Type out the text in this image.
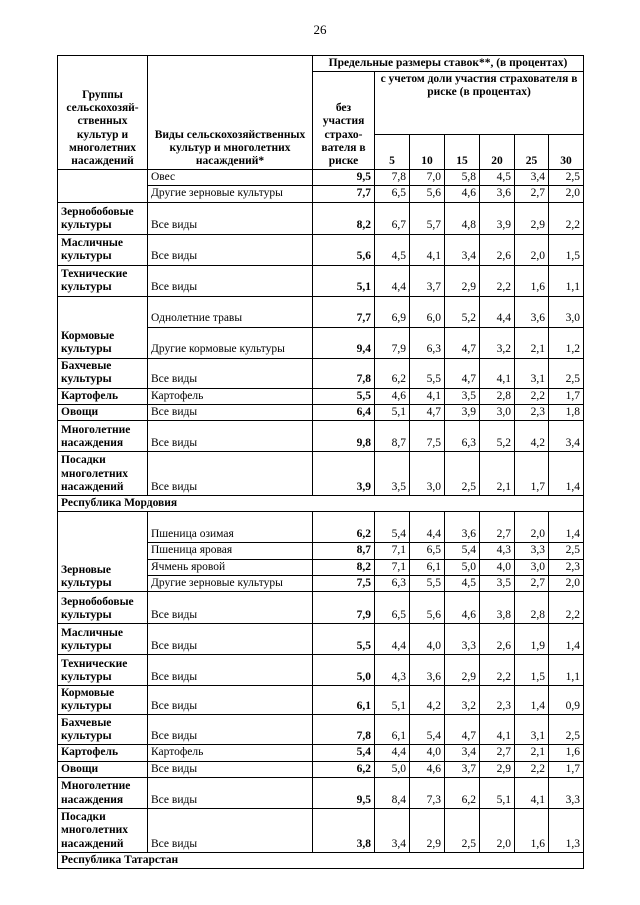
26
Группы сельскохозяй-ственных культур и многолетних насаждений	Виды сельскохозяйственных культур и многолетних насаждений*	Предельные размеры ставок**, (в процентах)						
		без участия страхо-вателя в риске	с учетом доли участия страхователя в риске (в процентах)					
			5	10	15	20	25	30
	Овес	9,5	7,8	7,0	5,8	4,5	3,4	2,5
	Другие зерновые культуры	7,7	6,5	5,6	4,6	3,6	2,7	2,0
Зернобобовые культуры	Все виды	8,2	6,7	5,7	4,8	3,9	2,9	2,2
Масличные культуры	Все виды	5,6	4,5	4,1	3,4	2,6	2,0	1,5
Технические культуры	Все виды	5,1	4,4	3,7	2,9	2,2	1,6	1,1
Кормовые культуры	Однолетние травы	7,7	6,9	6,0	5,2	4,4	3,6	3,0
	Другие кормовые культуры	9,4	7,9	6,3	4,7	3,2	2,1	1,2
Бахчевые культуры	Все виды	7,8	6,2	5,5	4,7	4,1	3,1	2,5
Картофель	Картофель	5,5	4,6	4,1	3,5	2,8	2,2	1,7
Овощи	Все виды	6,4	5,1	4,7	3,9	3,0	2,3	1,8
Многолетние насаждения	Все виды	9,8	8,7	7,5	6,3	5,2	4,2	3,4
Посадки многолетних насаждений	Все виды	3,9	3,5	3,0	2,5	2,1	1,7	1,4
Республика Мордовия								
Зерновые культуры	Пшеница озимая	6,2	5,4	4,4	3,6	2,7	2,0	1,4
	Пшеница яровая	8,7	7,1	6,5	5,4	4,3	3,3	2,5
	Ячмень яровой	8,2	7,1	6,1	5,0	4,0	3,0	2,3
	Другие зерновые культуры	7,5	6,3	5,5	4,5	3,5	2,7	2,0
Зернобобовые культуры	Все виды	7,9	6,5	5,6	4,6	3,8	2,8	2,2
Масличные культуры	Все виды	5,5	4,4	4,0	3,3	2,6	1,9	1,4
Технические культуры	Все виды	5,0	4,3	3,6	2,9	2,2	1,5	1,1
Кормовые культуры	Все виды	6,1	5,1	4,2	3,2	2,3	1,4	0,9
Бахчевые культуры	Все виды	7,8	6,1	5,4	4,7	4,1	3,1	2,5
Картофель	Картофель	5,4	4,4	4,0	3,4	2,7	2,1	1,6
Овощи	Все виды	6,2	5,0	4,6	3,7	2,9	2,2	1,7
Многолетние насаждения	Все виды	9,5	8,4	7,3	6,2	5,1	4,1	3,3
Посадки многолетних насаждений	Все виды	3,8	3,4	2,9	2,5	2,0	1,6	1,3
Республика Татарстан								
